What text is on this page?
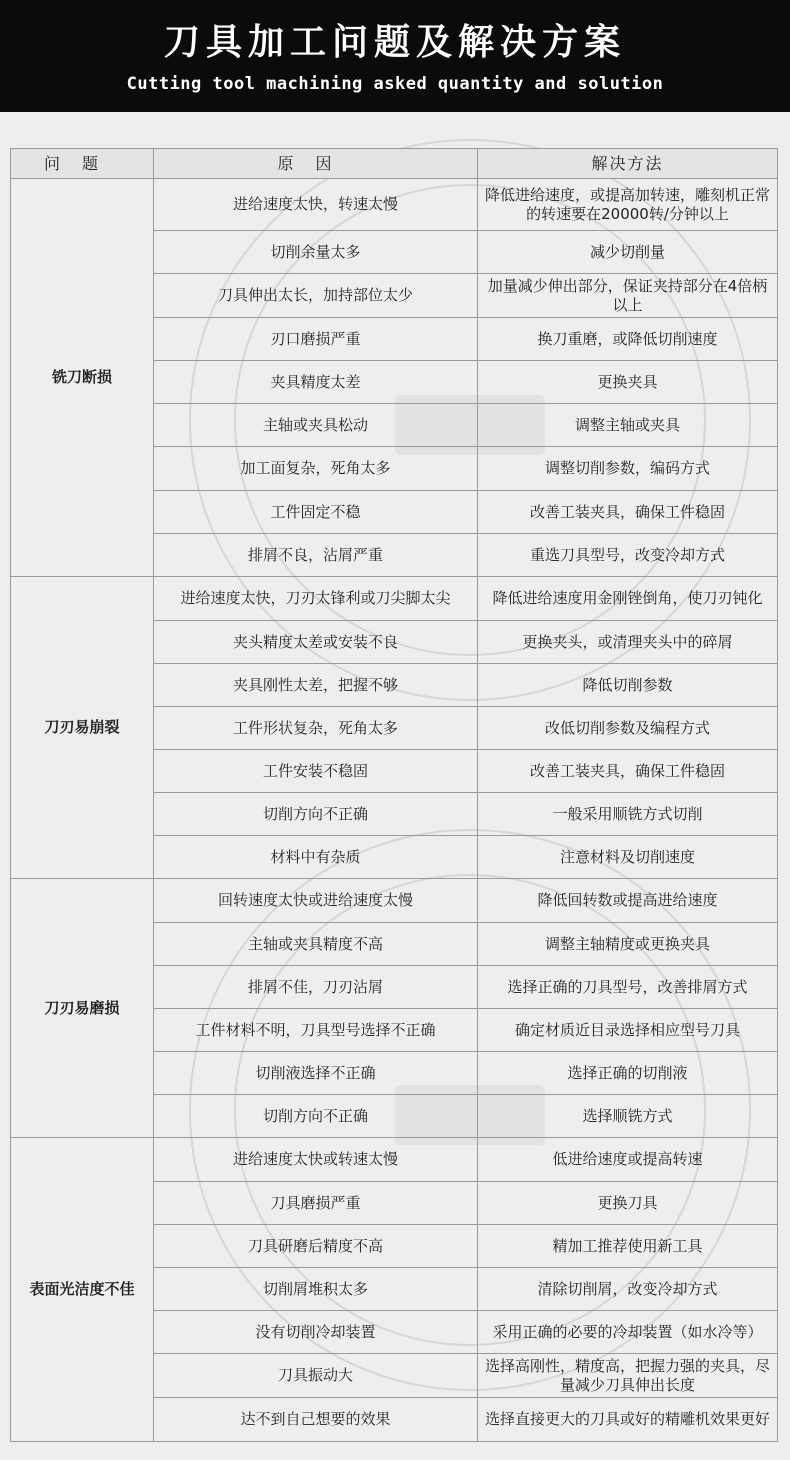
刀具加工问题及解决方案
Cutting tool machining asked quantity and solution
问题	原因	解决方法
铣刀断损	进给速度太快，转速太慢	降低进给速度，或提高加转速，雕刻机正常的转速要在20000转/分钟以上
	切削余量太多	减少切削量
	刀具伸出太长，加持部位太少	加量减少伸出部分，保证夹持部分在4倍柄以上
	刃口磨损严重	换刀重磨，或降低切削速度
	夹具精度太差	更换夹具
	主轴或夹具松动	调整主轴或夹具
	加工面复杂，死角太多	调整切削参数，编码方式
	工件固定不稳	改善工装夹具，确保工件稳固
	排屑不良，沾屑严重	重选刀具型号，改变冷却方式
刀刃易崩裂	进给速度太快，刀刃太锋利或刀尖脚太尖	降低进给速度用金刚锉倒角，使刀刃钝化
	夹头精度太差或安装不良	更换夹头，或清理夹头中的碎屑
	夹具刚性太差，把握不够	降低切削参数
	工件形状复杂，死角太多	改低切削参数及编程方式
	工件安装不稳固	改善工装夹具，确保工件稳固
	切削方向不正确	一般采用顺铣方式切削
	材料中有杂质	注意材料及切削速度
刀刃易磨损	回转速度太快或进给速度太慢	降低回转数或提高进给速度
	主轴或夹具精度不高	调整主轴精度或更换夹具
	排屑不佳，刀刃沾屑	选择正确的刀具型号，改善排屑方式
	工件材料不明，刀具型号选择不正确	确定材质近目录选择相应型号刀具
	切削液选择不正确	选择正确的切削液
	切削方向不正确	选择顺铣方式
表面光洁度不佳	进给速度太快或转速太慢	低进给速度或提高转速
	刀具磨损严重	更换刀具
	刀具研磨后精度不高	精加工推荐使用新工具
	切削屑堆积太多	清除切削屑，改变冷却方式
	没有切削冷却装置	采用正确的必要的冷却装置（如水冷等）
	刀具振动大	选择高刚性，精度高，把握力强的夹具，尽量减少刀具伸出长度
	达不到自己想要的效果	选择直接更大的刀具或好的精雕机效果更好
